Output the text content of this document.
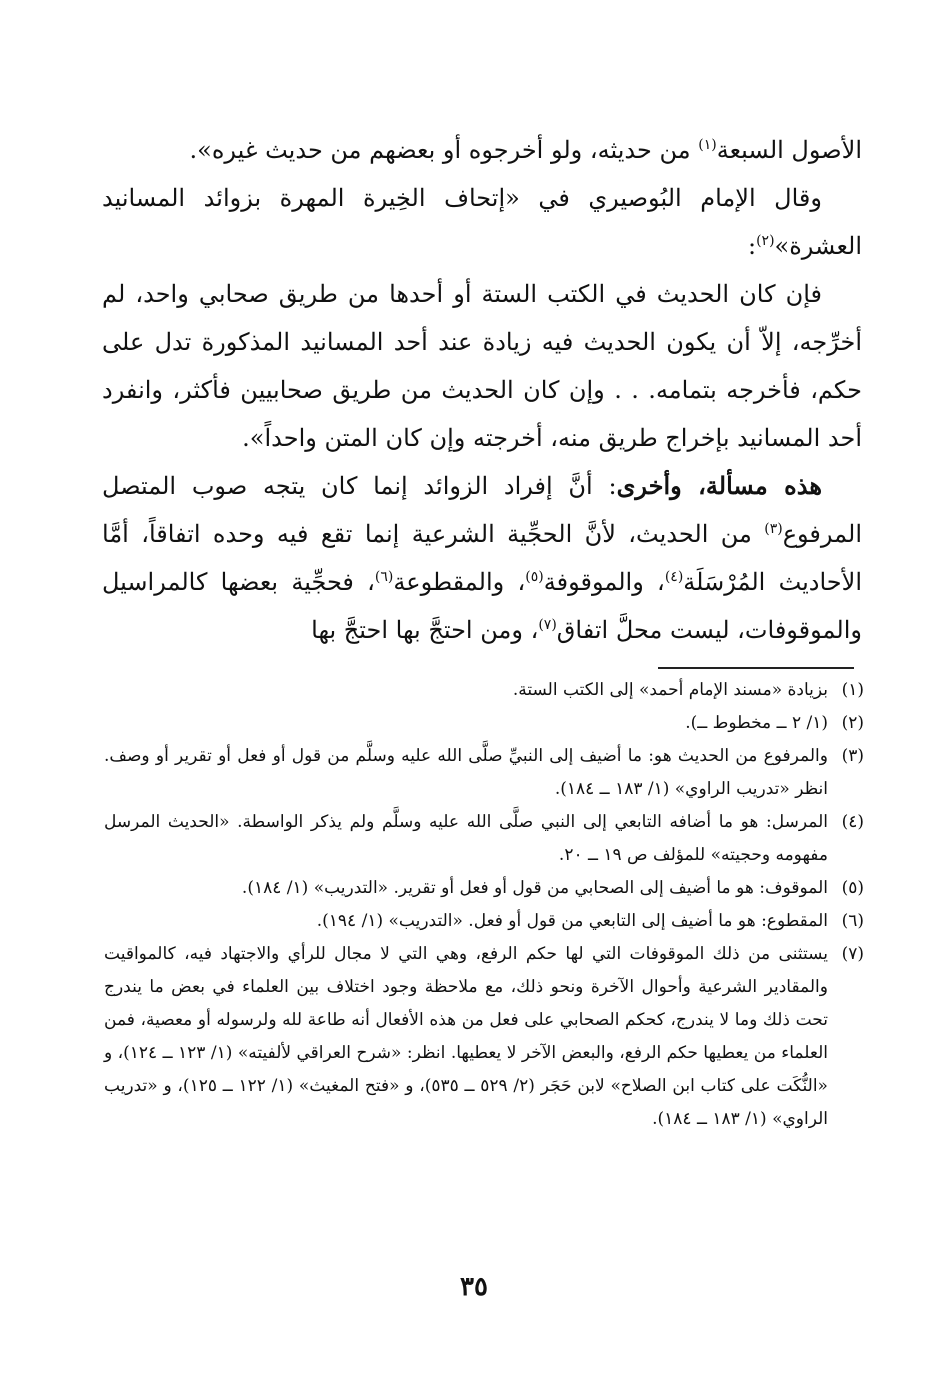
الأصول السبعة$^{(١)}$ من حديثه، ولو أخرجوه أو بعضهم من حديث غيره».

وقال الإمام البُوصيري في «إتحاف الخِيرة المهرة بزوائد المسانيد العشرة»$^{(٢)}$:

فإن كان الحديث في الكتب الستة أو أحدها من طريق صحابي واحد، لم أخرِّجه، إلاّ أن يكون الحديث فيه زيادة عند أحد المسانيد المذكورة تدل على حكم، فأخرجه بتمامه. . . وإن كان الحديث من طريق صحابيين فأكثر، وانفرد أحد المسانيد بإخراج طريق منه، أخرجته وإن كان المتن واحداً».

هذه مسألة، وأخرى: أنَّ إفراد الزوائد إنما كان يتجه صوب المتصل المرفوع$^{(٣)}$ من الحديث، لأنَّ الحجِّية الشرعية إنما تقع فيه وحده اتفاقاً، أمَّا الأحاديث المُرْسَلَة$^{(٤)}$، والموقوفة$^{(٥)}$، والمقطوعة$^{(٦)}$، فحجِّية بعضها كالمراسيل والموقوفات، ليست محلَّ اتفاق$^{(٧)}$، ومن احتجَّ بها احتجَّ بها

(١)
بزيادة «مسند الإمام أحمد» إلى الكتب الستة.
(٢)
(١/ ٢ ــ مخطوط ــ).
(٣)
والمرفوع من الحديث هو: ما أضيف إلى النبيِّ صلَّى الله عليه وسلَّم من قول أو فعل أو تقرير أو وصف. انظر «تدريب الراوي» (١/ ١٨٣ ــ ١٨٤).
(٤)
المرسل: هو ما أضافه التابعي إلى النبي صلَّى الله عليه وسلَّم ولم يذكر الواسطة. «الحديث المرسل مفهومه وحجيته» للمؤلف ص ١٩ ــ ٢٠.
(٥)
الموقوف: هو ما أضيف إلى الصحابي من قول أو فعل أو تقرير. «التدريب» (١/ ١٨٤).
(٦)
المقطوع: هو ما أضيف إلى التابعي من قول أو فعل. «التدريب» (١/ ١٩٤).
(٧)
يستثنى من ذلك الموقوفات التي لها حكم الرفع، وهي التي لا مجال للرأي والاجتهاد فيه، كالمواقيت والمقادير الشرعية وأحوال الآخرة ونحو ذلك، مع ملاحظة وجود اختلاف بين العلماء في بعض ما يندرج تحت ذلك وما لا يندرج، كحكم الصحابي على فعل من هذه الأفعال أنه طاعة لله ولرسوله أو معصية، فمن العلماء من يعطيها حكم الرفع، والبعض الآخر لا يعطيها. انظر: «شرح العراقي لألفيته» (١/ ١٢٣ ــ ١٢٤)، و «النُّكَت على كتاب ابن الصلاح» لابن حَجَر (٢/ ٥٢٩ ــ ٥٣٥)، و «فتح المغيث» (١/ ١٢٢ ــ ١٢٥)، و «تدريب الراوي» (١/ ١٨٣ ــ ١٨٤).
٣٥
